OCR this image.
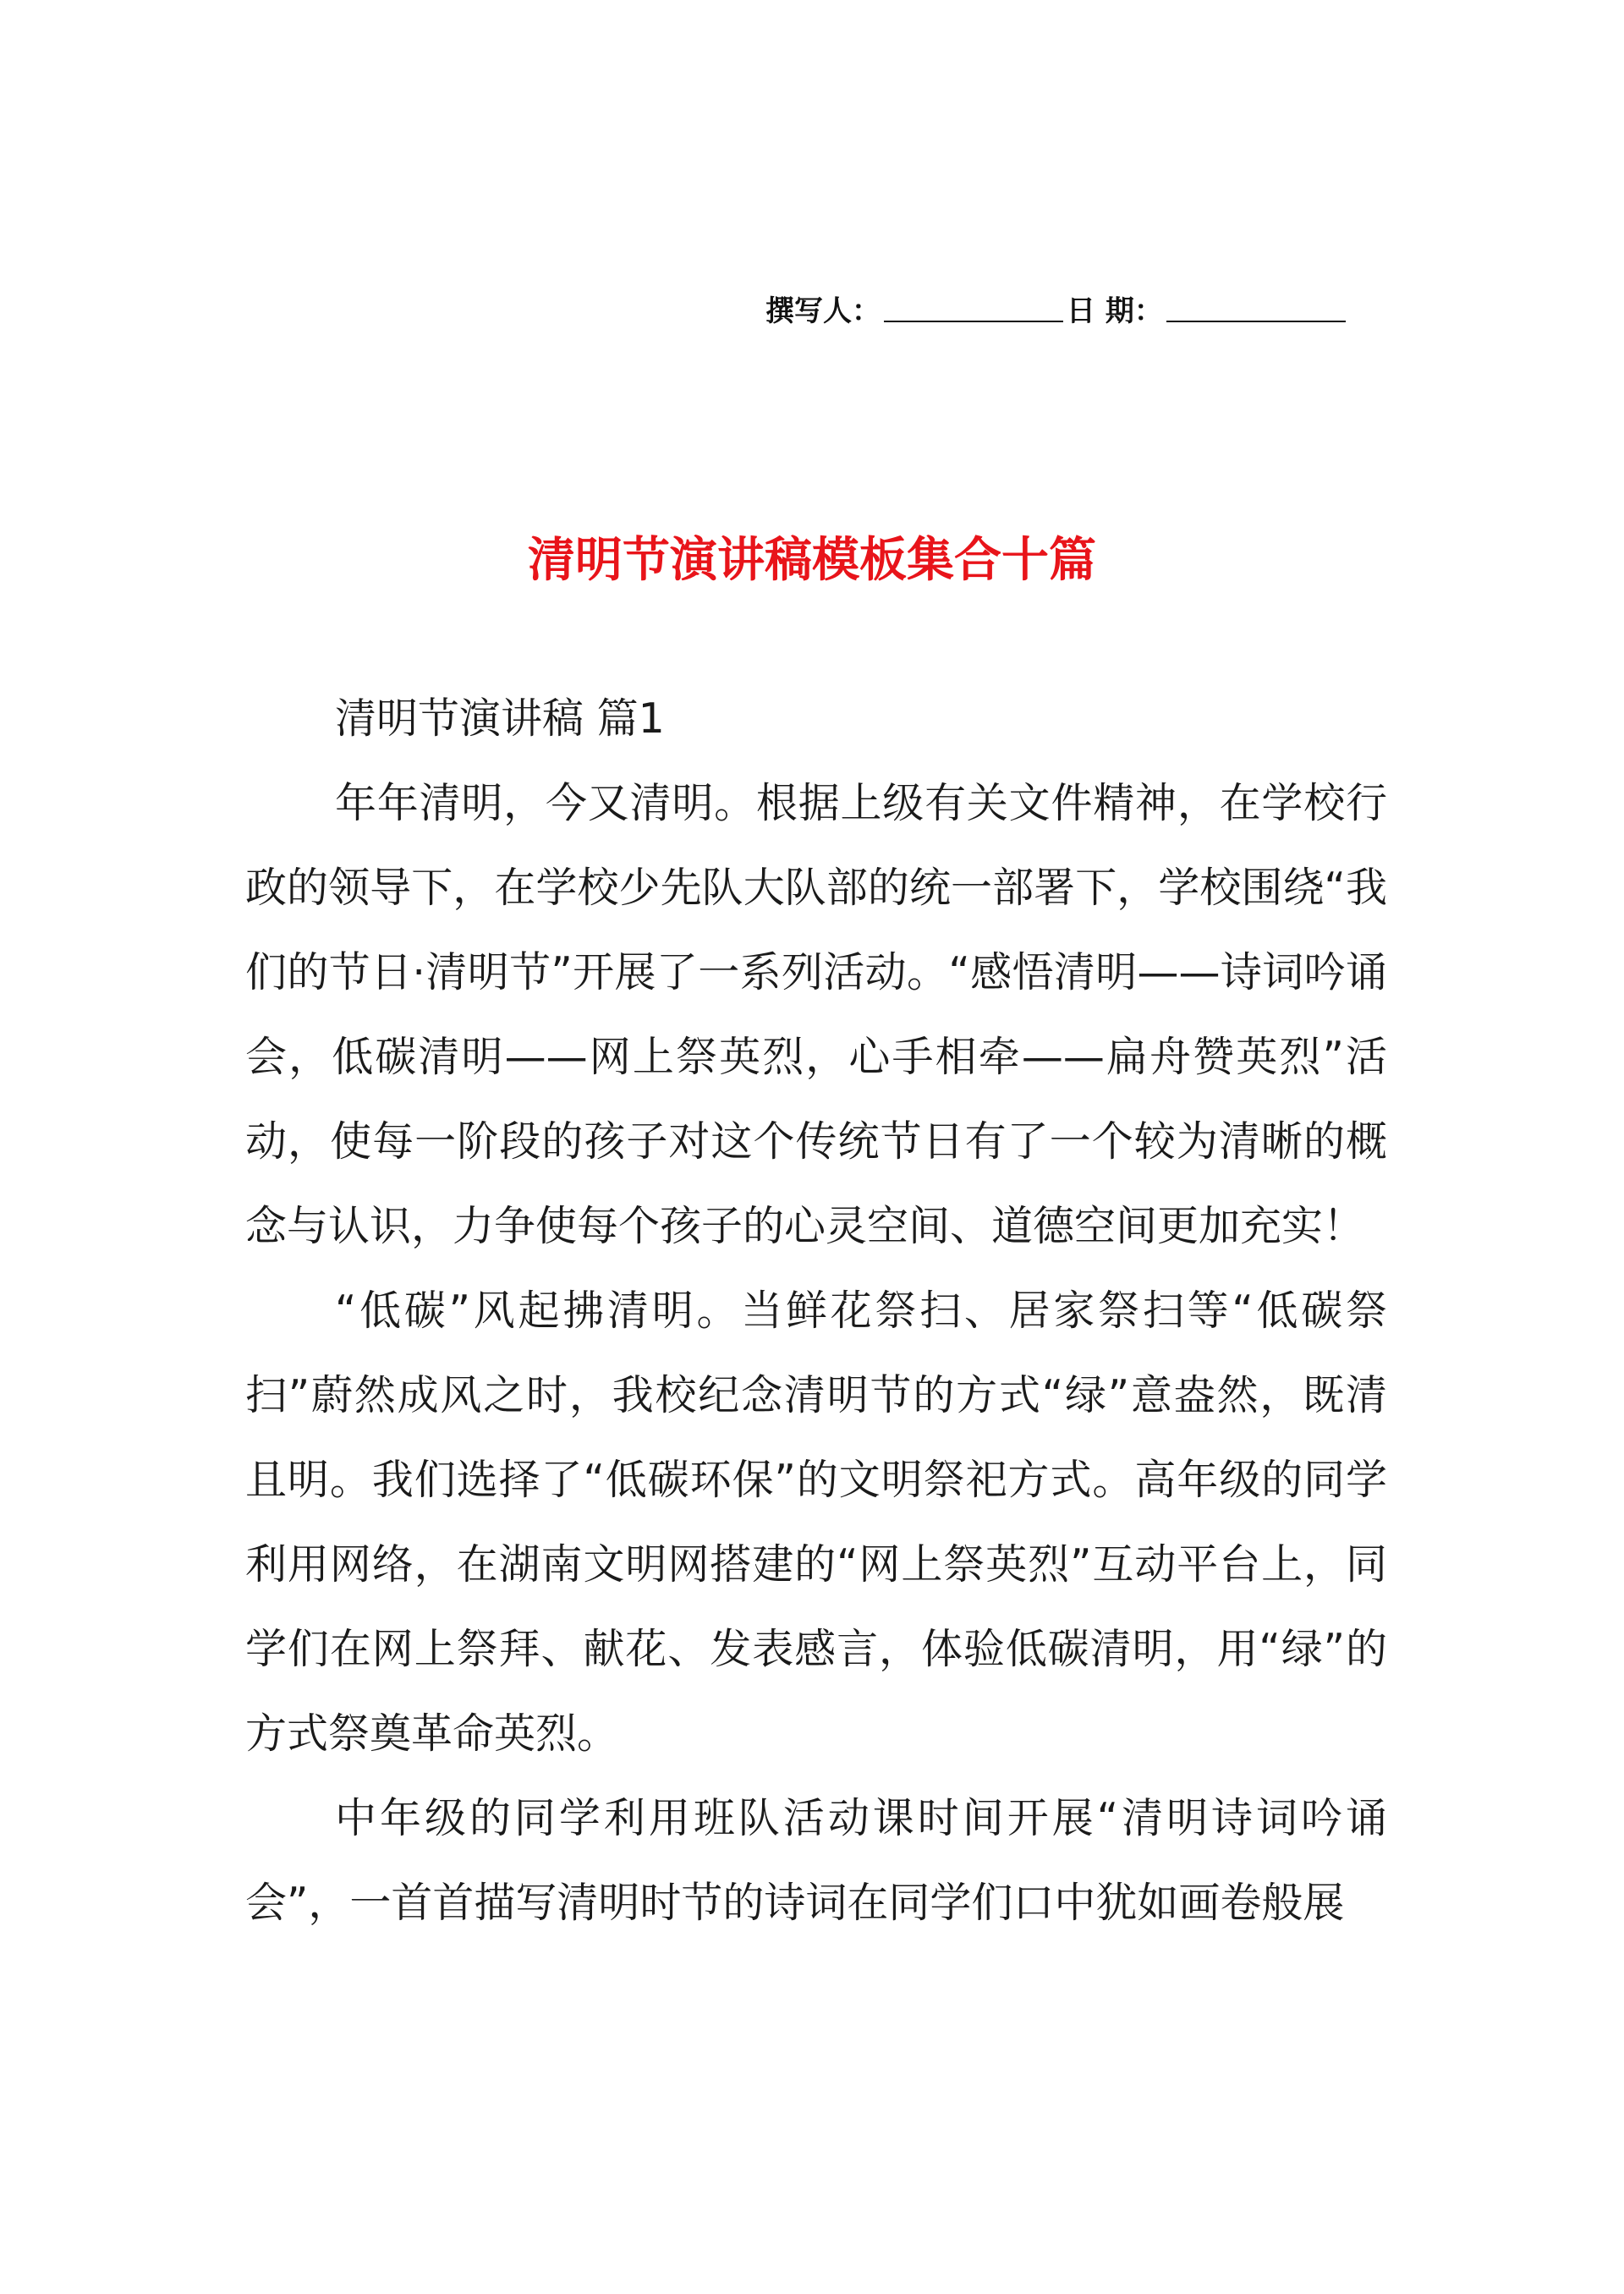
撰写人：	日 期：
清明节演讲稿模板集合十篇

清明节演讲稿 篇1

年年清明，今又清明。根据上级有关文件精神，在学校行政的领导下，在学校少先队大队部的统一部署下，学校围绕“我们的节日·清明节”开展了一系列活动。“感悟清明——诗词吟诵会，低碳清明——网上祭英烈，心手相牵——扁舟赞英烈”活动，使每一阶段的孩子对这个传统节日有了一个较为清晰的概念与认识，力争使每个孩子的心灵空间、道德空间更加充实！

“低碳”风起拂清明。当鲜花祭扫、居家祭扫等“低碳祭扫”蔚然成风之时，我校纪念清明节的方式“绿”意盎然，既清且明。我们选择了“低碳环保”的文明祭祀方式。高年级的同学利用网络，在湖南文明网搭建的“网上祭英烈”互动平台上，同学们在网上祭拜、献花、发表感言，体验低碳清明，用“绿”的方式祭奠革命英烈。

中年级的同学利用班队活动课时间开展“清明诗词吟诵会”，一首首描写清明时节的诗词在同学们口中犹如画卷般展
